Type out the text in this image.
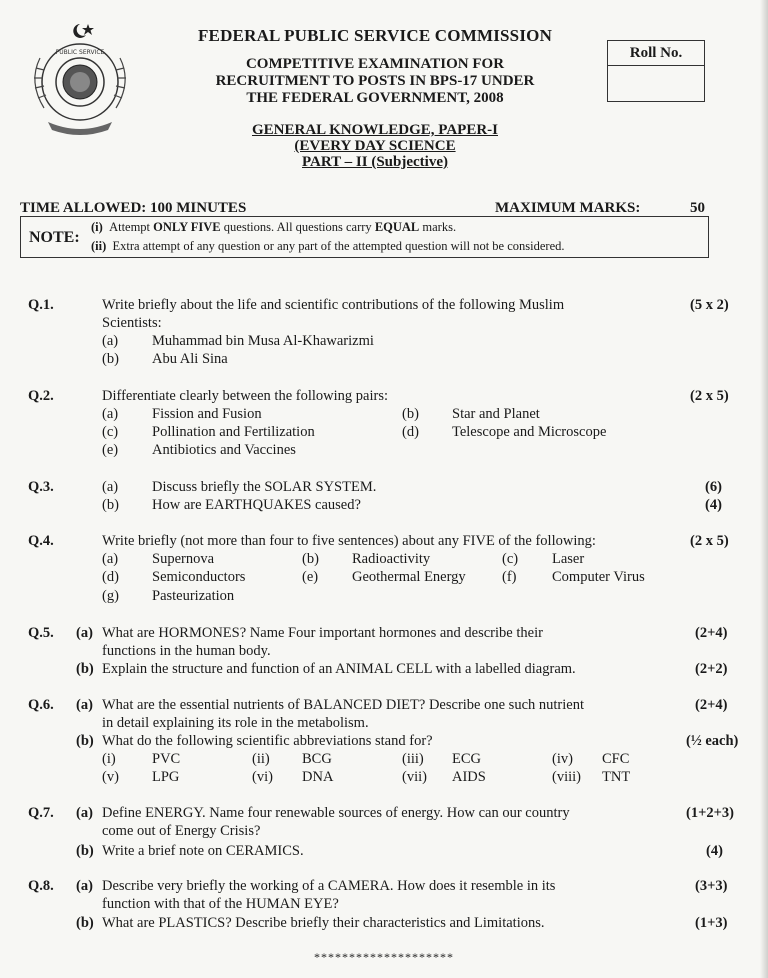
PUBLIC SERVICE
FEDERAL PUBLIC SERVICE COMMISSION
COMPETITIVE EXAMINATION FOR
RECRUITMENT TO POSTS IN BPS-17 UNDER
THE FEDERAL GOVERNMENT, 2008
GENERAL KNOWLEDGE, PAPER-I
(EVERY DAY SCIENCE
PART – II (Subjective)
Roll No.
TIME ALLOWED: 100 MINUTES	MAXIMUM MARKS:	50
NOTE:
(i) Attempt ONLY FIVE questions. All questions carry EQUAL marks.
(ii) Extra attempt of any question or any part of the attempted question will not be considered.
Q.1.	Write briefly about the life and scientific contributions of the following Muslim	(5 x 2)
Scientists:
(a) Muhammad bin Musa Al-Khawarizmi
(b) Abu Ali Sina
Q.2.	Differentiate clearly between the following pairs:	(2 x 5)
(a) Fission and Fusion	(b) Star and Planet
(c) Pollination and Fertilization	(d) Telescope and Microscope
(e) Antibiotics and Vaccines
Q.3.	(a) Discuss briefly the SOLAR SYSTEM.	(6)
(b) How are EARTHQUAKES caused?	(4)
Q.4.	Write briefly (not more than four to five sentences) about any FIVE of the following:	(2 x 5)
(a) Supernova	(b) Radioactivity	(c) Laser
(d) Semiconductors	(e) Geothermal Energy	(f) Computer Virus
(g) Pasteurization
Q.5. (a) What are HORMONES? Name Four important hormones and describe their	(2+4)
functions in the human body.
(b) Explain the structure and function of an ANIMAL CELL with a labelled diagram.	(2+2)
Q.6. (a) What are the essential nutrients of BALANCED DIET? Describe one such nutrient	(2+4)
in detail explaining its role in the metabolism.
(b) What do the following scientific abbreviations stand for?	(½ each)
(i)	PVC	(ii) BCG	(iii) ECG	(iv) CFC
(v) LPG	(vi) DNA	(vii) AIDS	(viii) TNT
Q.7. (a) Define ENERGY. Name four renewable sources of energy. How can our country	(1+2+3)
come out of Energy Crisis?
(b) Write a brief note on CERAMICS.	(4)
Q.8. (a) Describe very briefly the working of a CAMERA. How does it resemble in its	(3+3)
function with that of the HUMAN EYE?
(b) What are PLASTICS? Describe briefly their characteristics and Limitations.	(1+3)
********************
